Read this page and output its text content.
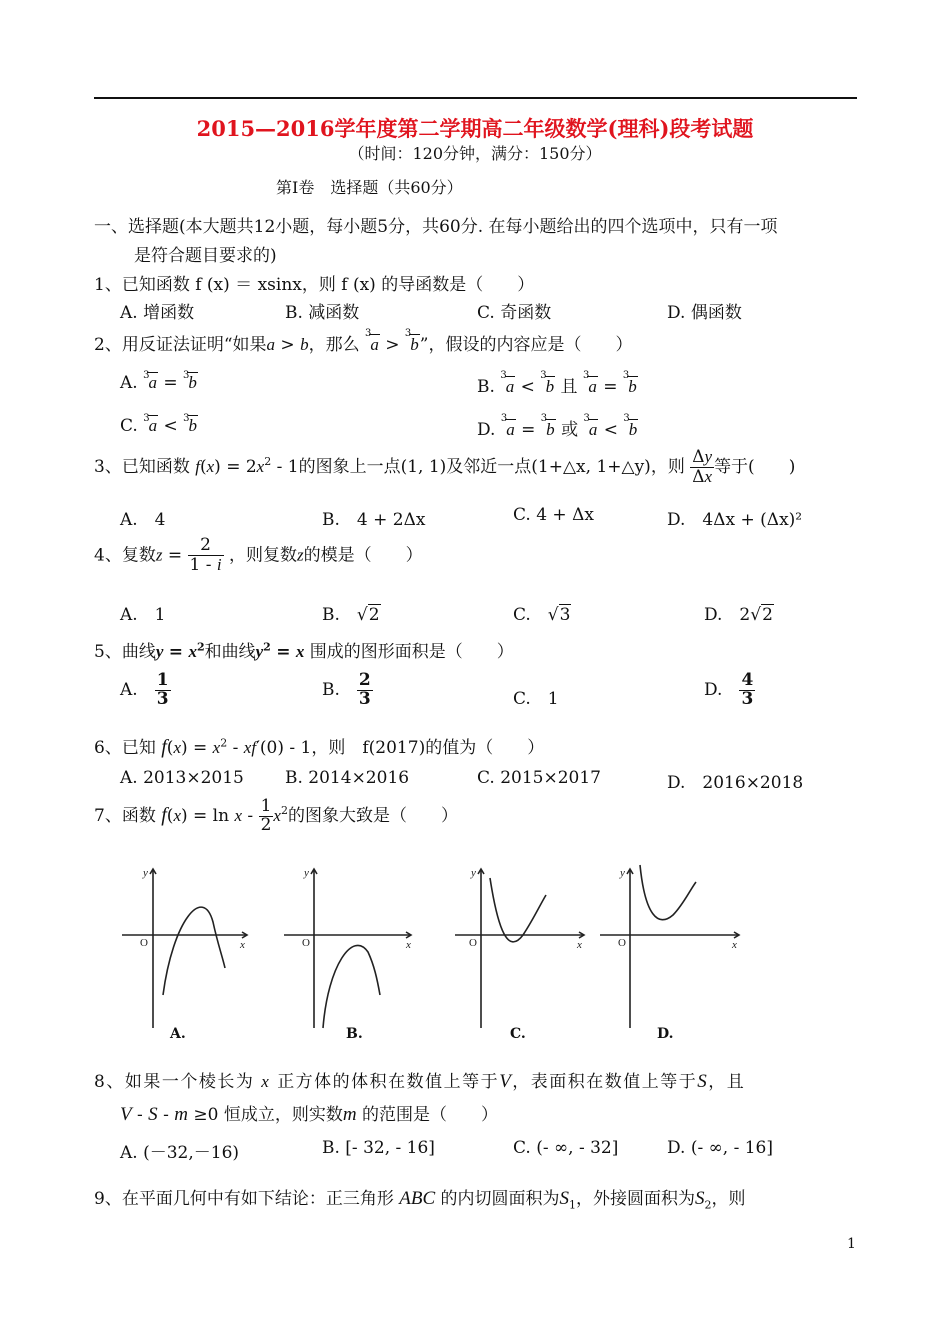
2015—2016学年度第二学期高二年级数学(理科)段考试题
（时间：120分钟，满分：150分）
第Ⅰ卷　选择题（共60分）
一、选择题(本大题共12小题，每小题5分，共60分. 在每小题给出的四个选项中，只有一项
是符合题目要求的)
1、已知函数 f (x) ＝ xsinx，则 f (x) 的导函数是（　　）
A. 增函数	B. 减函数	C. 奇函数	D. 偶函数
2、用反证法证明“如果a > b，那么 $^3$a > $^3$b”，假设的内容应是（　　）
A. $^3$a = $^3$b	B. $^3$a < $^3$b 且 $^3$a = $^3$b
C. $^3$a < $^3$b	D. $^3$a = $^3$b 或 $^3$a < $^3$b
3、已知函数 $f(x) = 2x^2 - 1$的图象上一点(1, 1)及邻近一点(1+△x, 1+△y)，则 $\frac{\Delta y}{\Delta x}$ 等于(　　)
A.　4	B.　4 + 2Δx	C. 4 + Δx	D.　4Δx + (Δx)²
4、复数$z = \frac{2}{1 - i}$ ，则复数z的模是（　　）
A.　1	B.　√2	C.　√3	D.　2√2
5、曲线$y = x^2$和曲线$y^2 = x$ 围成的图形面积是（　　）
A.　 $\frac{1}{3}$	B.　 $\frac{2}{3}$	C.　1	D.　 $\frac{4}{3}$
6、已知 $f(x) = x^2 - xf'(0) - 1$，则　f(2017)的值为（　　）
A. 2013×2015 B. 2014×2016	C. 2015×2017	D.　2016×2018
7、函数 $f(x) = \ln x - \frac{1}{2} x^2$的图象大致是（　　）
y
x
O
y
x
O
y
x
O
y
x
O
A.	B.	C.	D.
8、如果一个棱长为 x 正方体的体积在数值上等于V，表面积在数值上等于S，且
V - S - m ≥0 恒成立，则实数m 的范围是（　　）
A. (－32,－16)	B. [- 32, - 16]	C. (- ∞, - 32]	D. (- ∞, - 16]
9、在平面几何中有如下结论：正三角形 ABC 的内切圆面积为$S_1$，外接圆面积为$S_2$，则
1
